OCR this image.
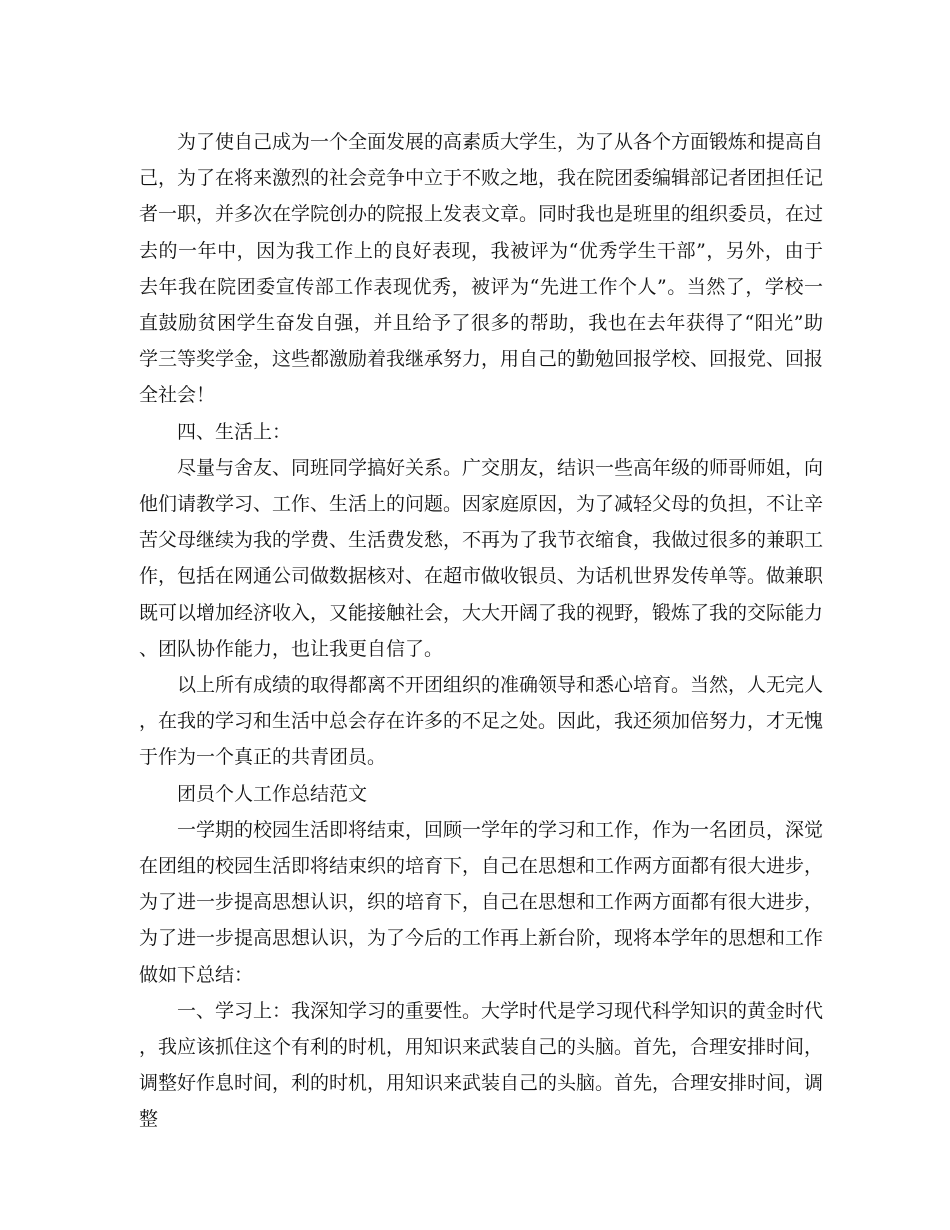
为了使自己成为一个全面发展的高素质大学生，为了从各个方面锻炼和提高自己，为了在将来激烈的社会竞争中立于不败之地，我在院团委编辑部记者团担任记者一职，并多次在学院创办的院报上发表文章。同时我也是班里的组织委员，在过去的一年中，因为我工作上的良好表现，我被评为“优秀学生干部”，另外，由于去年我在院团委宣传部工作表现优秀，被评为“先进工作个人”。当然了，学校一直鼓励贫困学生奋发自强，并且给予了很多的帮助，我也在去年获得了“阳光”助学三等奖学金，这些都激励着我继承努力，用自己的勤勉回报学校、回报党、回报全社会！

四、生活上：

尽量与舍友、同班同学搞好关系。广交朋友，结识一些高年级的师哥师姐，向他们请教学习、工作、生活上的问题。因家庭原因，为了减轻父母的负担，不让辛苦父母继续为我的学费、生活费发愁，不再为了我节衣缩食，我做过很多的兼职工作，包括在网通公司做数据核对、在超市做收银员、为话机世界发传单等。做兼职既可以增加经济收入，又能接触社会，大大开阔了我的视野，锻炼了我的交际能力、团队协作能力，也让我更自信了。

以上所有成绩的取得都离不开团组织的准确领导和悉心培育。当然，人无完人，在我的学习和生活中总会存在许多的不足之处。因此，我还须加倍努力，才无愧于作为一个真正的共青团员。

团员个人工作总结范文

一学期的校园生活即将结束，回顾一学年的学习和工作，作为一名团员，深觉在团组的校园生活即将结束织的培育下，自己在思想和工作两方面都有很大进步，为了进一步提高思想认识，织的培育下，自己在思想和工作两方面都有很大进步，为了进一步提高思想认识，为了今后的工作再上新台阶，现将本学年的思想和工作做如下总结：

一、学习上：我深知学习的重要性。大学时代是学习现代科学知识的黄金时代，我应该抓住这个有利的时机，用知识来武装自己的头脑。首先，合理安排时间，调整好作息时间，利的时机，用知识来武装自己的头脑。首先，合理安排时间，调整
